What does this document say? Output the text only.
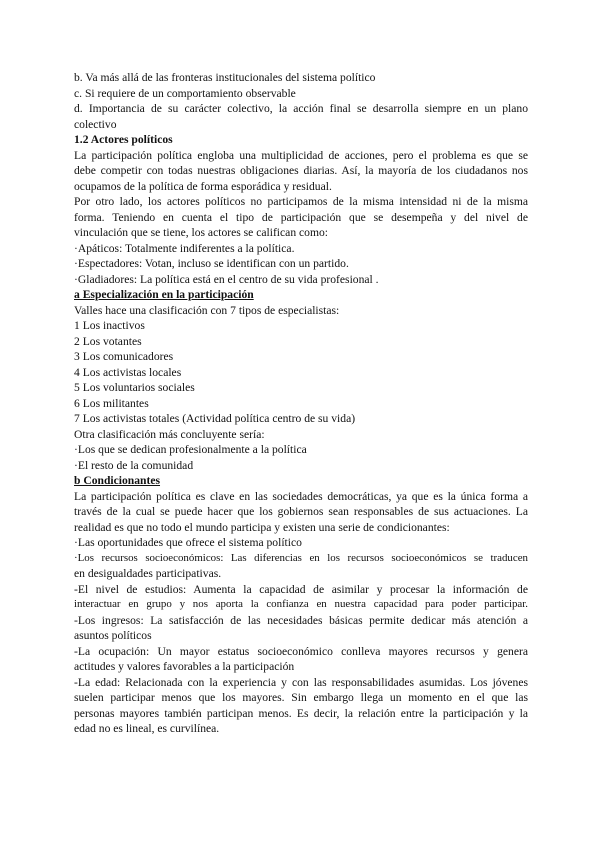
b. Va más allá de las fronteras institucionales del sistema político
c. Si requiere de un comportamiento observable
d. Importancia de su carácter colectivo, la acción final se desarrolla siempre en un plano
colectivo
1.2 Actores políticos
La participación política engloba una multiplicidad de acciones, pero el problema es que se
debe competir con todas nuestras obligaciones diarias. Así, la mayoría de los ciudadanos nos
ocupamos de la política de forma esporádica y residual.
Por otro lado, los actores políticos no participamos de la misma intensidad ni de la misma
forma. Teniendo en cuenta el tipo de participación que se desempeña y del nivel de
vinculación que se tiene, los actores se califican como:
·Apáticos: Totalmente indiferentes a la política.
·Espectadores: Votan, incluso se identifican con un partido.
·Gladiadores: La política está en el centro de su vida profesional .
a Especialización en la participación
Valles hace una clasificación con 7 tipos de especialistas:
1 Los inactivos
2 Los votantes
3 Los comunicadores
4 Los activistas locales
5 Los voluntarios sociales
6 Los militantes
7 Los activistas totales (Actividad política centro de su vida)
Otra clasificación más concluyente sería:
·Los que se dedican profesionalmente a la política
·El resto de la comunidad
b Condicionantes
La participación política es clave en las sociedades democráticas, ya que es la única forma a
través de la cual se puede hacer que los gobiernos sean responsables de sus actuaciones. La
realidad es que no todo el mundo participa y existen una serie de condicionantes:
·Las oportunidades que ofrece el sistema político
·Los recursos socioeconómicos: Las diferencias en los recursos socioeconómicos se traducen
en desigualdades participativas.
-El nivel de estudios: Aumenta la capacidad de asimilar y procesar la información de
interactuar en grupo y nos aporta la confianza en nuestra capacidad para poder participar.
-Los ingresos: La satisfacción de las necesidades básicas permite dedicar más atención a
asuntos políticos
-La ocupación: Un mayor estatus socioeconómico conlleva mayores recursos y genera
actitudes y valores favorables a la participación
-La edad: Relacionada con la experiencia y con las responsabilidades asumidas. Los jóvenes
suelen participar menos que los mayores. Sin embargo llega un momento en el que las
personas mayores también participan menos. Es decir, la relación entre la participación y la
edad no es lineal, es curvilínea.
